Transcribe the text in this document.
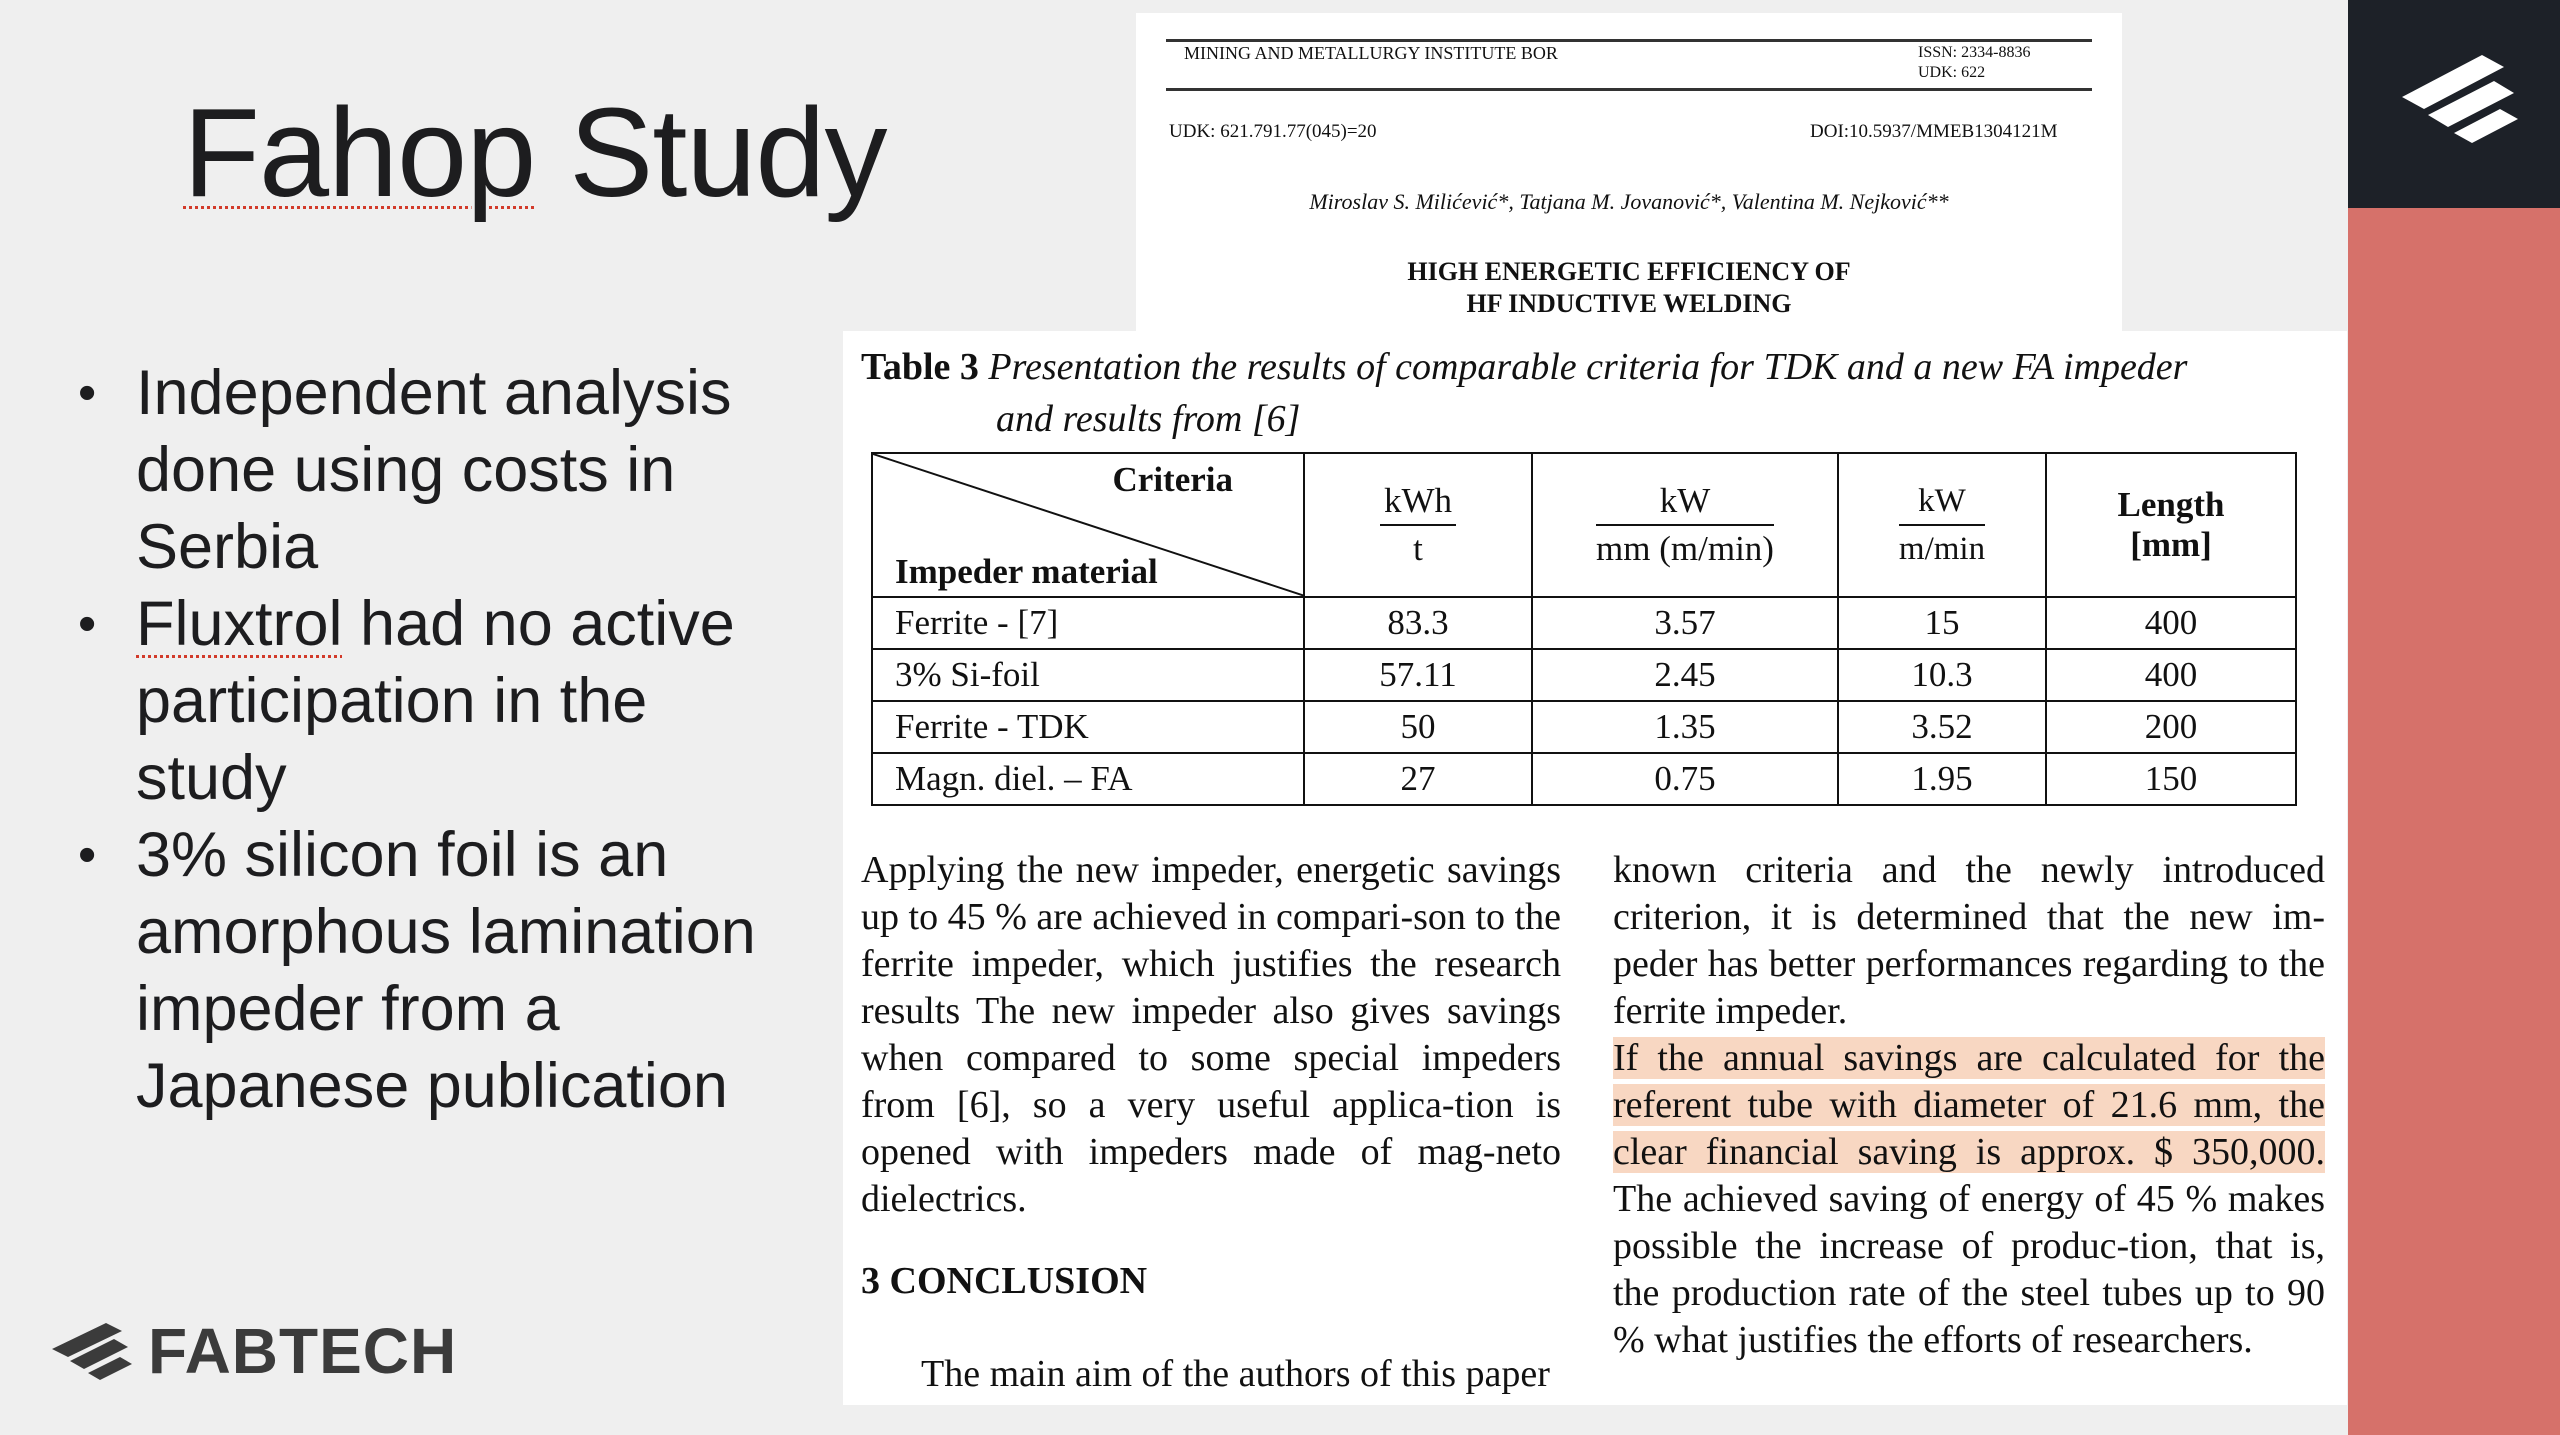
Fahop Study
• Independent analysis done using costs in Serbia
• Fluxtrol had no active participation in the study
• 3% silicon foil is an amorphous lamination impeder from a Japanese publication
FABTECH
MINING AND METALLURGY INSTITUTE BOR	ISSN: 2334-8836
UDK: 622
UDK: 621.791.77(045)=20	DOI:10.5937/MMEB1304121M
Miroslav S. Milićević*, Tatjana M. Jovanović*, Valentina M. Nejković**
HIGH ENERGETIC EFFICIENCY OF
HF INDUCTIVE WELDING
Table 3 Presentation the results of comparable criteria for TDK and a new FA impeder
and results from [6]
Criteria
Impeder material	$\frac{\text{kWh}}{t}$	$\frac{kW}{mm (m/\min)}$	$\frac{kW}{m/\min}$	Length
[mm]
Ferrite - [7]	83.3	3.57	15	400
3% Si-foil	57.11	2.45	10.3	400
Ferrite - TDK	50	1.35	3.52	200
Magn. diel. – FA	27	0.75	1.95	150

Applying the new impeder, energetic savings up to 45 % are achieved in compari-son to the ferrite impeder, which justifies the research results The new impeder also gives savings when compared to some special impeders from [6], so a very useful applica-tion is opened with impeders made of mag-neto dielectrics.

3 CONCLUSION
The main aim of the authors of this paper

known criteria and the newly introduced criterion, it is determined that the new im-peder has better performances regarding to the ferrite impeder.

If the annual savings are calculated for the referent tube with diameter of 21.6 mm, the clear financial saving is approx. $ 350,000. The achieved saving of energy of 45 % makes possible the increase of produc-tion, that is, the production rate of the steel tubes up to 90 % what justifies the efforts of researchers.
